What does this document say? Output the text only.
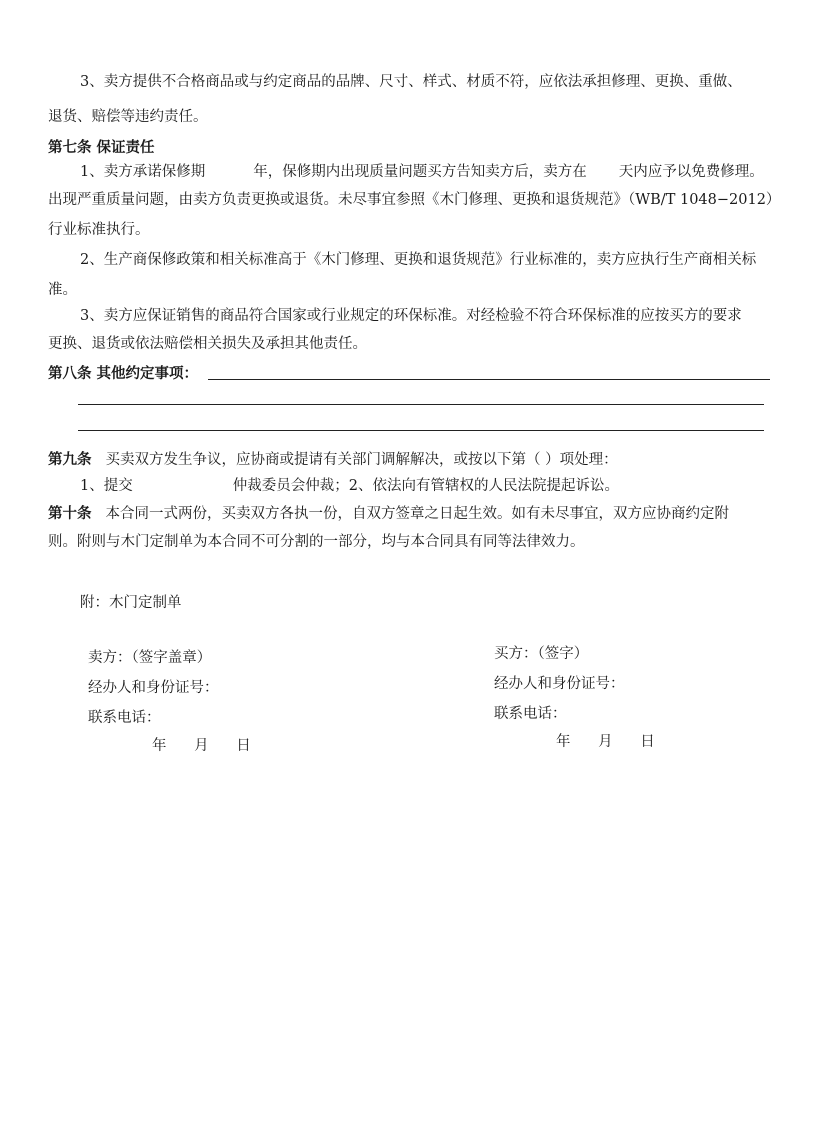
3、卖方提供不合格商品或与约定商品的品牌、尺寸、样式、材质不符，应依法承担修理、更换、重做、
退货、赔偿等违约责任。
第七条 保证责任
1、卖方承诺保修期	年，保修期内出现质量问题买方告知卖方后，卖方在 天内应予以免费修理。
出现严重质量问题，由卖方负责更换或退货。未尽事宜参照《木门修理、更换和退货规范》（WB/T 1048−2012）
行业标准执行。
2、生产商保修政策和相关标准高于《木门修理、更换和退货规范》行业标准的，卖方应执行生产商相关标
准。
3、卖方应保证销售的商品符合国家或行业规定的环保标准。对经检验不符合环保标准的应按买方的要求
更换、退货或依法赔偿相关损失及承担其他责任。
第八条 其他约定事项：
第九条 买卖双方发生争议，应协商或提请有关部门调解解决，或按以下第（ ）项处理：
1、提交	仲裁委员会仲裁；2、依法向有管辖权的人民法院提起诉讼。
第十条 本合同一式两份，买卖双方各执一份，自双方签章之日起生效。如有未尽事宜，双方应协商约定附
则。附则与木门定制单为本合同不可分割的一部分，均与本合同具有同等法律效力。
附：木门定制单
卖方：（签字盖章）
经办人和身份证号：
联系电话：
年      月      日
买方：（签字）
经办人和身份证号：
联系电话：
年      月      日
